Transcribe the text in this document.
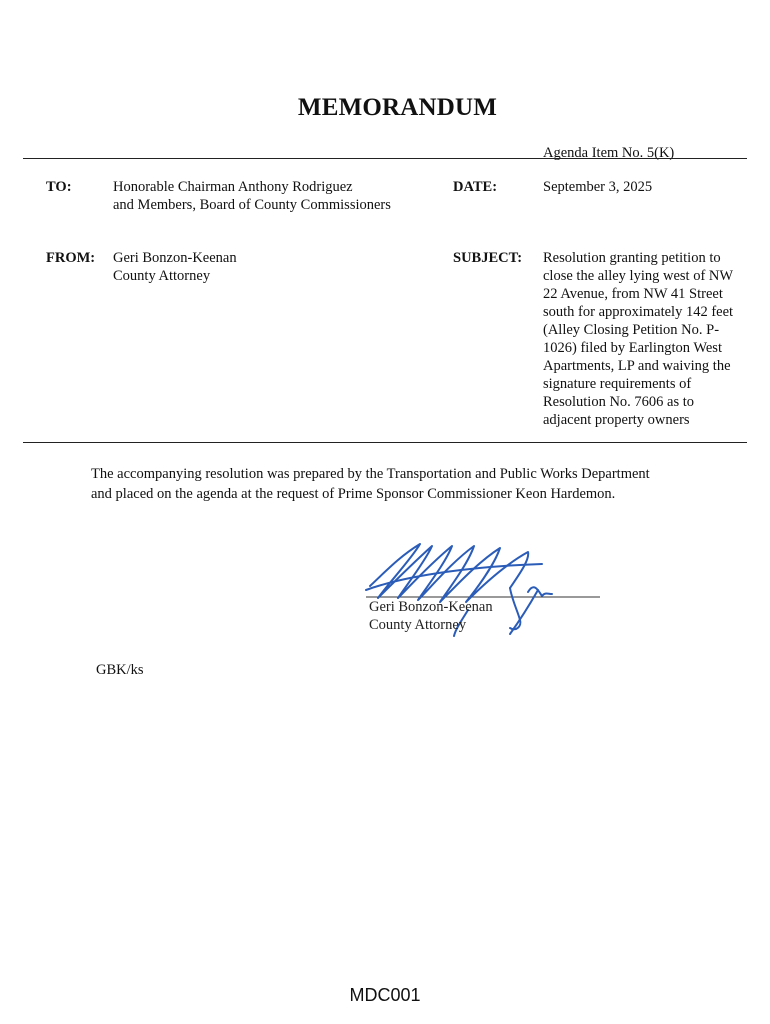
MEMORANDUM
Agenda Item No. 5(K)
TO:	Honorable Chairman Anthony Rodriguez
and Members, Board of County Commissioners
DATE:	September 3, 2025
FROM: Geri Bonzon-Keenan
County Attorney
SUBJECT: Resolution granting petition to
close the alley lying west of NW
22 Avenue, from NW 41 Street
south for approximately 142 feet
(Alley Closing Petition No. P-
1026) filed by Earlington West
Apartments, LP and waiving the
signature requirements of
Resolution No. 7606 as to
adjacent property owners
The accompanying resolution was prepared by the Transportation and Public Works Department
and placed on the agenda at the request of Prime Sponsor Commissioner Keon Hardemon.
Geri Bonzon-Keenan
County Attorney
GBK/ks
MDC001
